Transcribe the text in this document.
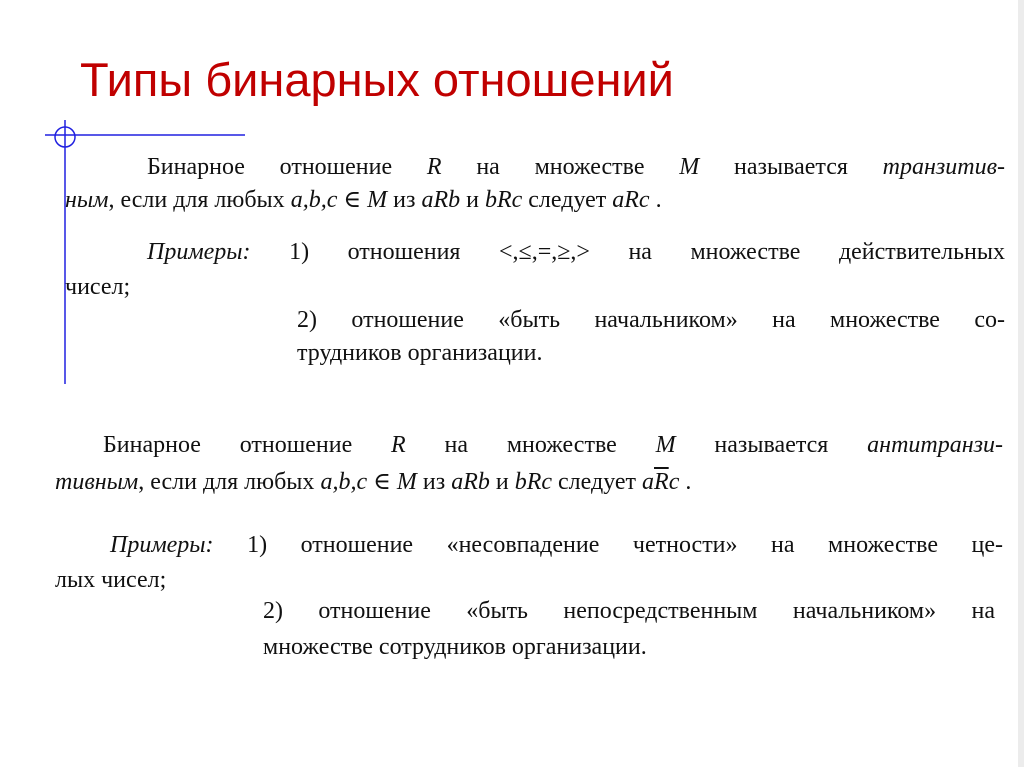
Типы бинарных отношений
Бинарное отношение R на множестве M называется транзитив-
ным, если для любых a,b,c ∈ M из aRb и bRc следует aRc .
Примеры: 1) отношения <,≤,=,≥,> на множестве действительных
чисел;
2) отношение «быть начальником» на множестве со-
трудников организации.
Бинарное отношение R на множестве M называется антитранзи-
тивным, если для любых a,b,c ∈ M из aRb и bRc следует $a\overline{R}c$ .
Примеры: 1) отношение «несовпадение четности» на множестве це-
лых чисел;
2) отношение «быть непосредственным начальником» на
множестве сотрудников организации.
